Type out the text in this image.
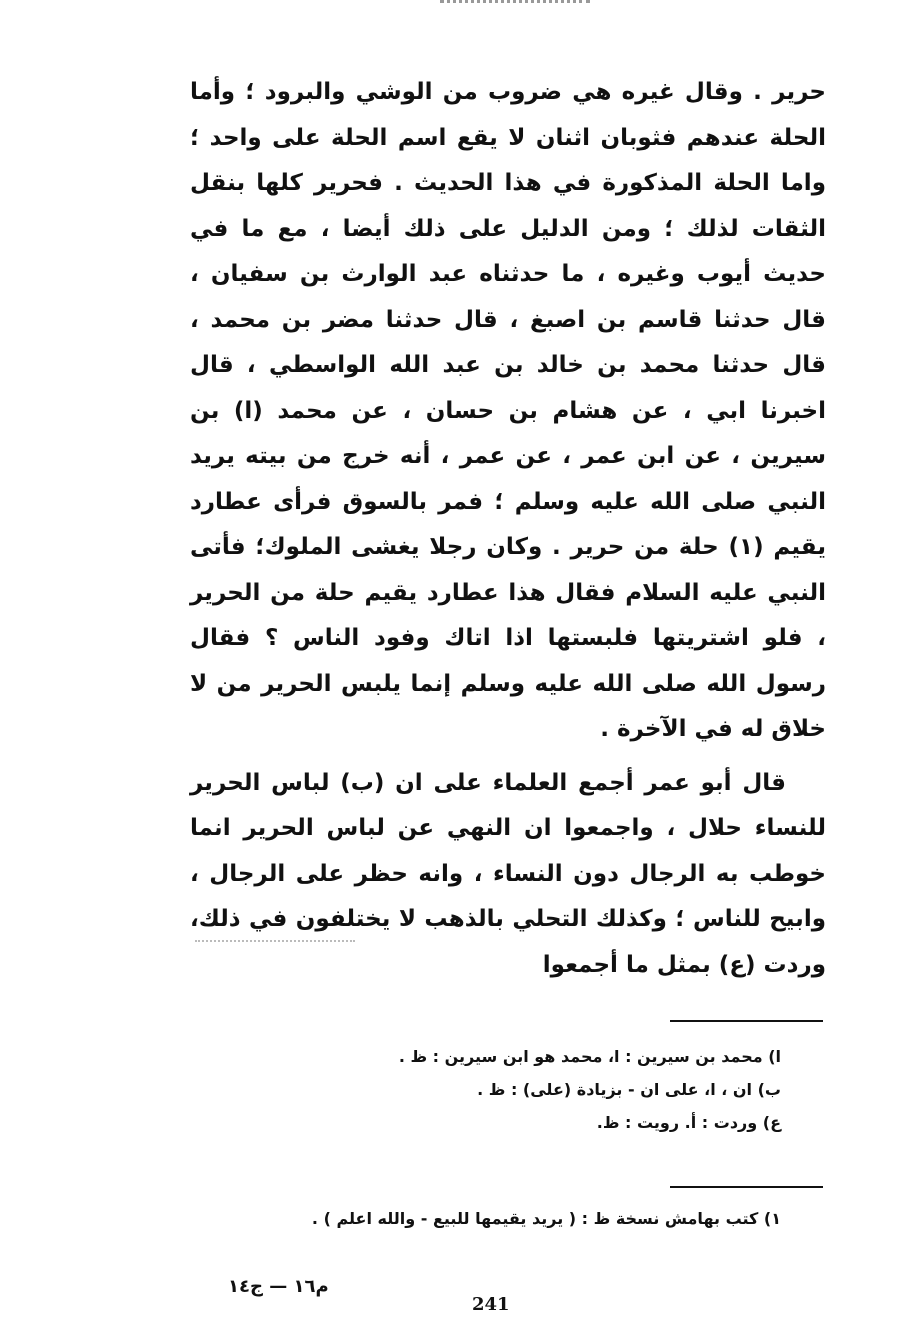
حرير . وقال غيره هي ضروب من الوشي والبرود ؛ وأما الحلة عندهم فثوبان اثنان لا يقع اسم الحلة على واحد ؛ واما الحلة المذكورة في هذا الحديث . فحرير كلها بنقل الثقات لذلك ؛ ومن الدليل على ذلك أيضا ، مع ما في حديث أيوب وغيره ، ما حدثناه عبد الوارث بن سفيان ، قال حدثنا قاسم بن اصبغ ، قال حدثنا مضر بن محمد ، قال حدثنا محمد بن خالد بن عبد الله الواسطي ، قال اخبرنا ابي ، عن هشام بن حسان ، عن محمد (ا) بن سيرين ، عن ابن عمر ، عن عمر ، أنه خرج من بيته يريد النبي صلى الله عليه وسلم ؛ فمر بالسوق فرأى عطارد يقيم (۱) حلة من حرير . وكان رجلا يغشى الملوك؛ فأتى النبي عليه السلام فقال هذا عطارد يقيم حلة من الحرير ، فلو اشتريتها فلبستها اذا اتاك وفود الناس ؟ فقال رسول الله صلى الله عليه وسلم إنما يلبس الحرير من لا خلاق له في الآخرة .

قال أبو عمر أجمع العلماء على ان (ب) لباس الحرير للنساء حلال ، واجمعوا ان النهي عن لباس الحرير انما خوطب به الرجال دون النساء ، وانه حظر على الرجال ، وابيح للناس ؛ وكذلك التحلي بالذهب لا يختلفون في ذلك، وردت (ع) بمثل ما أجمعوا

ا) محمد بن سيرين : ا، محمد هو ابن سيرين : ظ .
ب) ان ، ا، على ان - بزيادة (على) : ظ .
ع) وردت : أ. رويت : ظ.
۱) كتب بهامش نسخة ظ : ( يريد يقيمها للبيع - والله اعلم ) .
م١٦ — ج١٤
241
